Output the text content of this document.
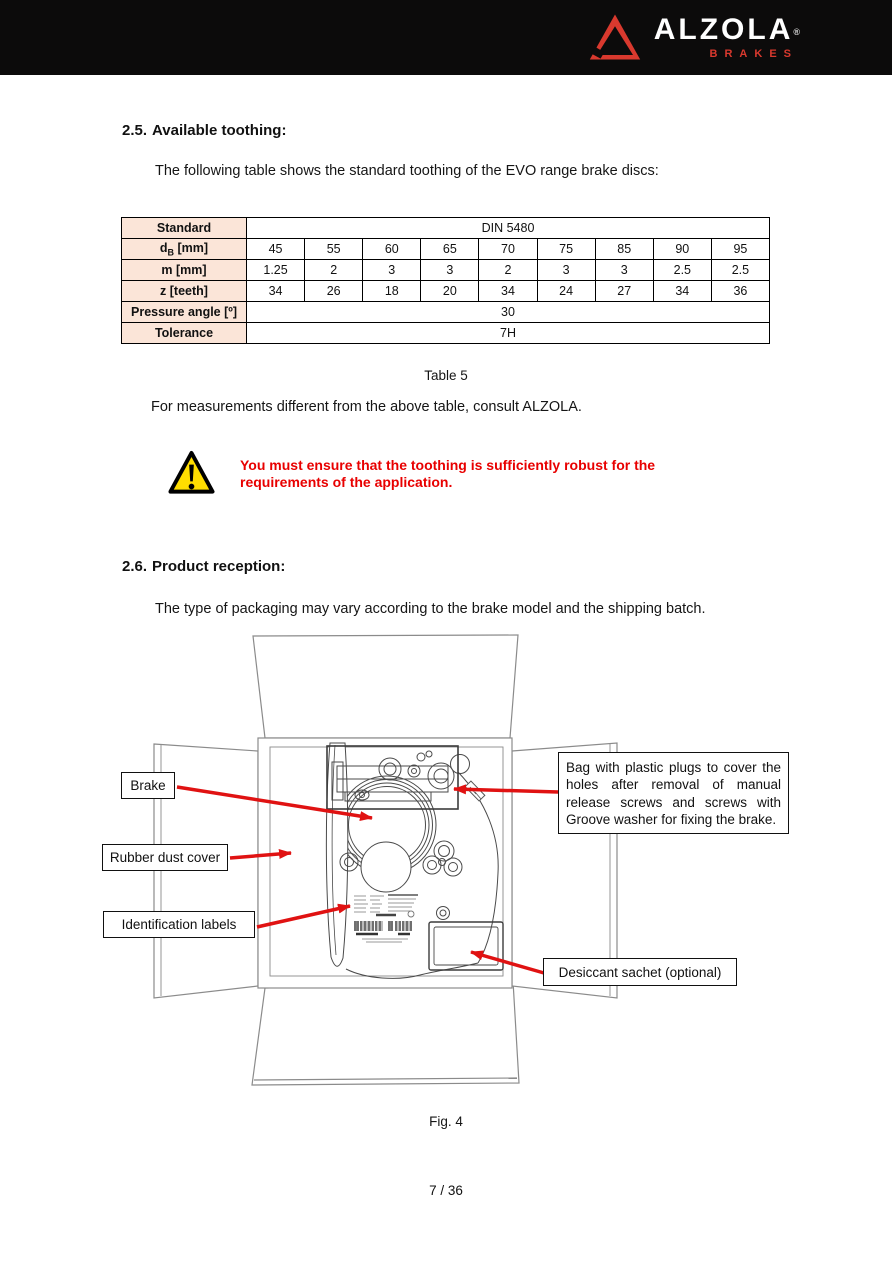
ALZOLA®
BRAKES
2.5. Available toothing:
The following table shows the standard toothing of the EVO range brake discs:
Standard	DIN 5480								
$d_B$ [mm]	45	55	60	65	70	75	85	90	95
m [mm]	1.25	2	3	3	2	3	3	2.5	2.5
z [teeth]	34	26	18	20	34	24	27	34	36
Pressure angle [º]	30								
Tolerance	7H								
Table 5
For measurements different from the above table, consult ALZOLA.
You must ensure that the toothing is sufficiently robust for the
requirements of the application.
2.6. Product reception:
The type of packaging may vary according to the brake model and the shipping batch.
Brake
Rubber dust cover
Identification labels
Bag with plastic plugs to cover the holes after removal of manual release screws and screws with Groove washer for fixing the brake.
Desiccant sachet (optional)
Fig. 4
7 / 36
